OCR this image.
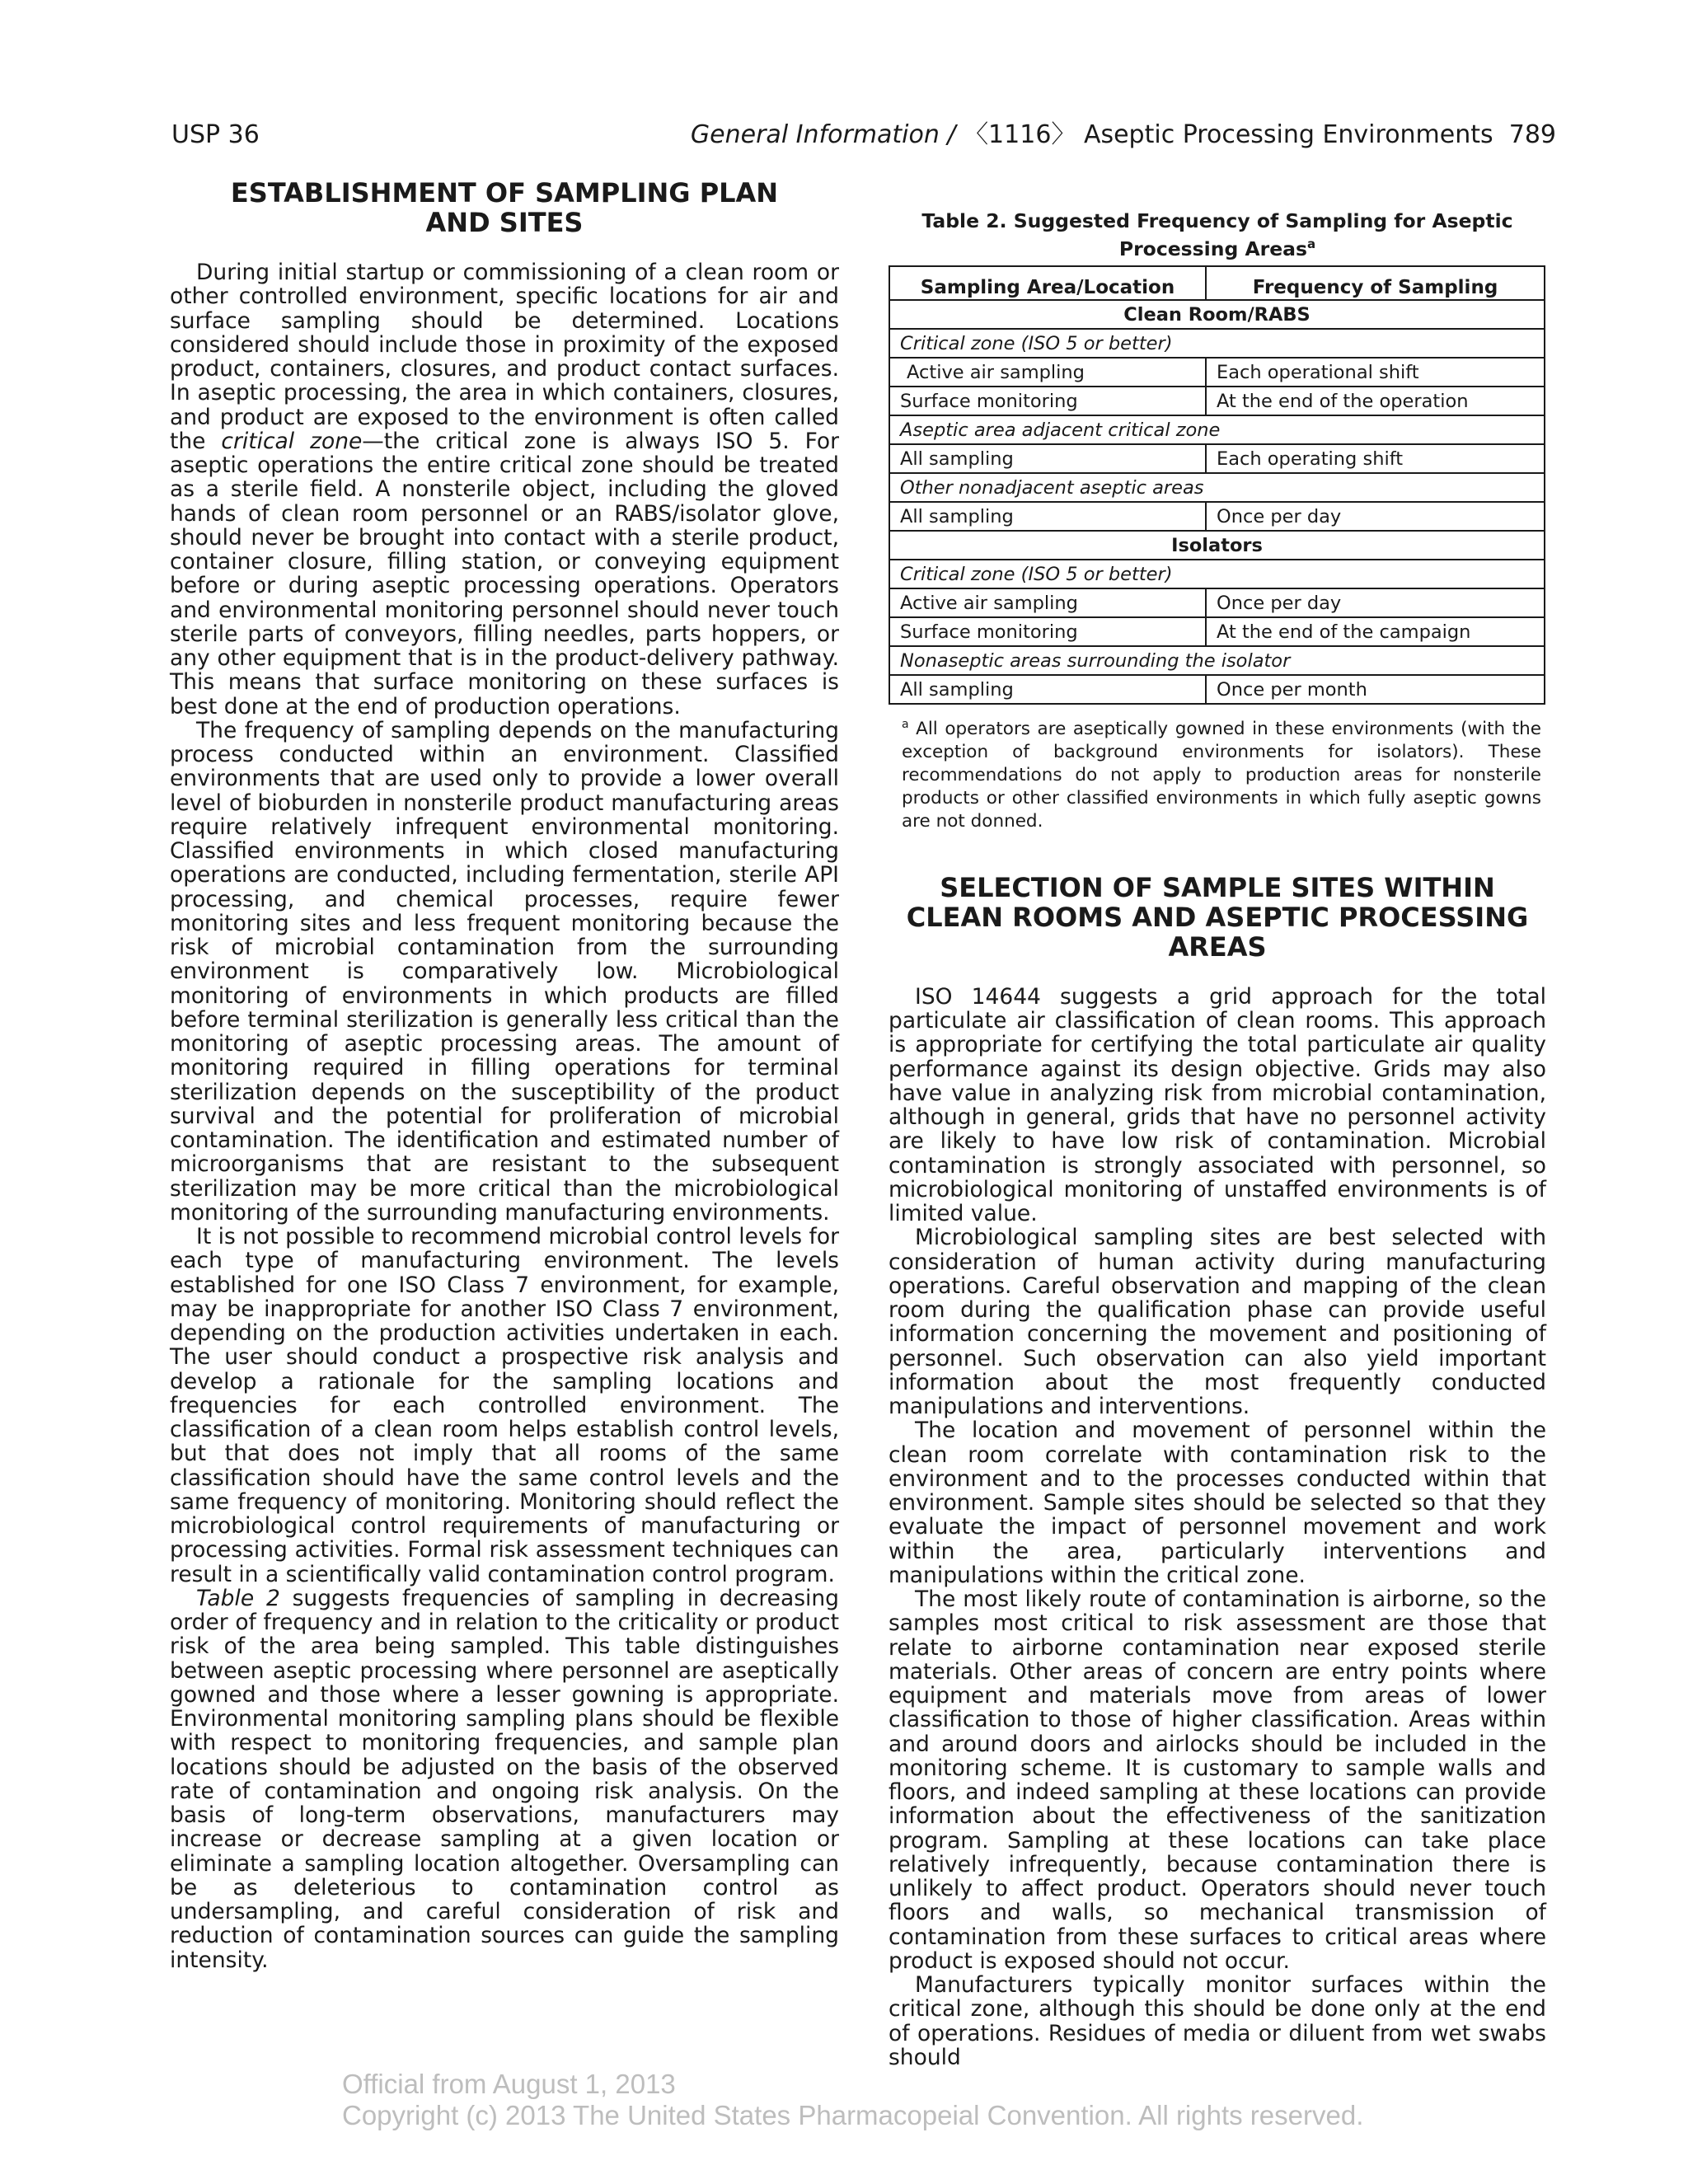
USP 36	General Information / 〈1116〉 Aseptic Processing Environments 789
ESTABLISHMENT OF SAMPLING PLAN AND SITES

During initial startup or commissioning of a clean room or other controlled environment, specific locations for air and surface sampling should be determined. Locations considered should include those in proximity of the exposed product, containers, closures, and product contact surfaces. In aseptic processing, the area in which containers, closures, and product are exposed to the environment is often called the critical zone—the critical zone is always ISO 5. For aseptic operations the entire critical zone should be treated as a sterile field. A nonsterile object, including the gloved hands of clean room personnel or an RABS/isolator glove, should never be brought into contact with a sterile product, container closure, filling station, or conveying equipment before or during aseptic processing operations. Operators and environmental monitoring personnel should never touch sterile parts of conveyors, filling needles, parts hoppers, or any other equipment that is in the product-delivery pathway. This means that surface monitoring on these surfaces is best done at the end of production operations.

The frequency of sampling depends on the manufacturing process conducted within an environment. Classified environments that are used only to provide a lower overall level of bioburden in nonsterile product manufacturing areas require relatively infrequent environmental monitoring. Classified environments in which closed manufacturing operations are conducted, including fermentation, sterile API processing, and chemical processes, require fewer monitoring sites and less frequent monitoring because the risk of microbial contamination from the surrounding environment is comparatively low. Microbiological monitoring of environments in which products are filled before terminal sterilization is generally less critical than the monitoring of aseptic processing areas. The amount of monitoring required in filling operations for terminal sterilization depends on the susceptibility of the product survival and the potential for proliferation of microbial contamination. The identification and estimated number of microorganisms that are resistant to the subsequent sterilization may be more critical than the microbiological monitoring of the surrounding manufacturing environments.

It is not possible to recommend microbial control levels for each type of manufacturing environment. The levels established for one ISO Class 7 environment, for example, may be inappropriate for another ISO Class 7 environment, depending on the production activities undertaken in each. The user should conduct a prospective risk analysis and develop a rationale for the sampling locations and frequencies for each controlled environment. The classification of a clean room helps establish control levels, but that does not imply that all rooms of the same classification should have the same control levels and the same frequency of monitoring. Monitoring should reflect the microbiological control requirements of manufacturing or processing activities. Formal risk assessment techniques can result in a scientifically valid contamination control program.

Table 2 suggests frequencies of sampling in decreasing order of frequency and in relation to the criticality or product risk of the area being sampled. This table distinguishes between aseptic processing where personnel are aseptically gowned and those where a lesser gowning is appropriate. Environmental monitoring sampling plans should be flexible with respect to monitoring frequencies, and sample plan locations should be adjusted on the basis of the observed rate of contamination and ongoing risk analysis. On the basis of long-term observations, manufacturers may increase or decrease sampling at a given location or eliminate a sampling location altogether. Oversampling can be as deleterious to contamination control as undersampling, and careful consideration of risk and reduction of contamination sources can guide the sampling intensity.

Table 2. Suggested Frequency of Sampling for Aseptic Processing Areas$^a$

Sampling Area/Location	Frequency of Sampling
Clean Room/RABS	
Critical zone (ISO 5 or better)	
Active air sampling	Each operational shift
Surface monitoring	At the end of the operation
Aseptic area adjacent critical zone	
All sampling	Each operating shift
Other nonadjacent aseptic areas	
All sampling	Once per day
Isolators	
Critical zone (ISO 5 or better)	
Active air sampling	Once per day
Surface monitoring	At the end of the campaign
Nonaseptic areas surrounding the isolator	
All sampling	Once per month

$^a$ All operators are aseptically gowned in these environments (with the exception of background environments for isolators). These recommendations do not apply to production areas for nonsterile products or other classified environments in which fully aseptic gowns are not donned.

SELECTION OF SAMPLE SITES WITHIN CLEAN ROOMS AND ASEPTIC PROCESSING AREAS

ISO 14644 suggests a grid approach for the total particulate air classification of clean rooms. This approach is appropriate for certifying the total particulate air quality performance against its design objective. Grids may also have value in analyzing risk from microbial contamination, although in general, grids that have no personnel activity are likely to have low risk of contamination. Microbial contamination is strongly associated with personnel, so microbiological monitoring of unstaffed environments is of limited value.

Microbiological sampling sites are best selected with consideration of human activity during manufacturing operations. Careful observation and mapping of the clean room during the qualification phase can provide useful information concerning the movement and positioning of personnel. Such observation can also yield important information about the most frequently conducted manipulations and interventions.

The location and movement of personnel within the clean room correlate with contamination risk to the environment and to the processes conducted within that environment. Sample sites should be selected so that they evaluate the impact of personnel movement and work within the area, particularly interventions and manipulations within the critical zone.

The most likely route of contamination is airborne, so the samples most critical to risk assessment are those that relate to airborne contamination near exposed sterile materials. Other areas of concern are entry points where equipment and materials move from areas of lower classification to those of higher classification. Areas within and around doors and airlocks should be included in the monitoring scheme. It is customary to sample walls and floors, and indeed sampling at these locations can provide information about the effectiveness of the sanitization program. Sampling at these locations can take place relatively infrequently, because contamination there is unlikely to affect product. Operators should never touch floors and walls, so mechanical transmission of contamination from these surfaces to critical areas where product is exposed should not occur.

Manufacturers typically monitor surfaces within the critical zone, although this should be done only at the end of operations. Residues of media or diluent from wet swabs should

Official from August 1, 2013
Copyright (c) 2013 The United States Pharmacopeial Convention. All rights reserved.
